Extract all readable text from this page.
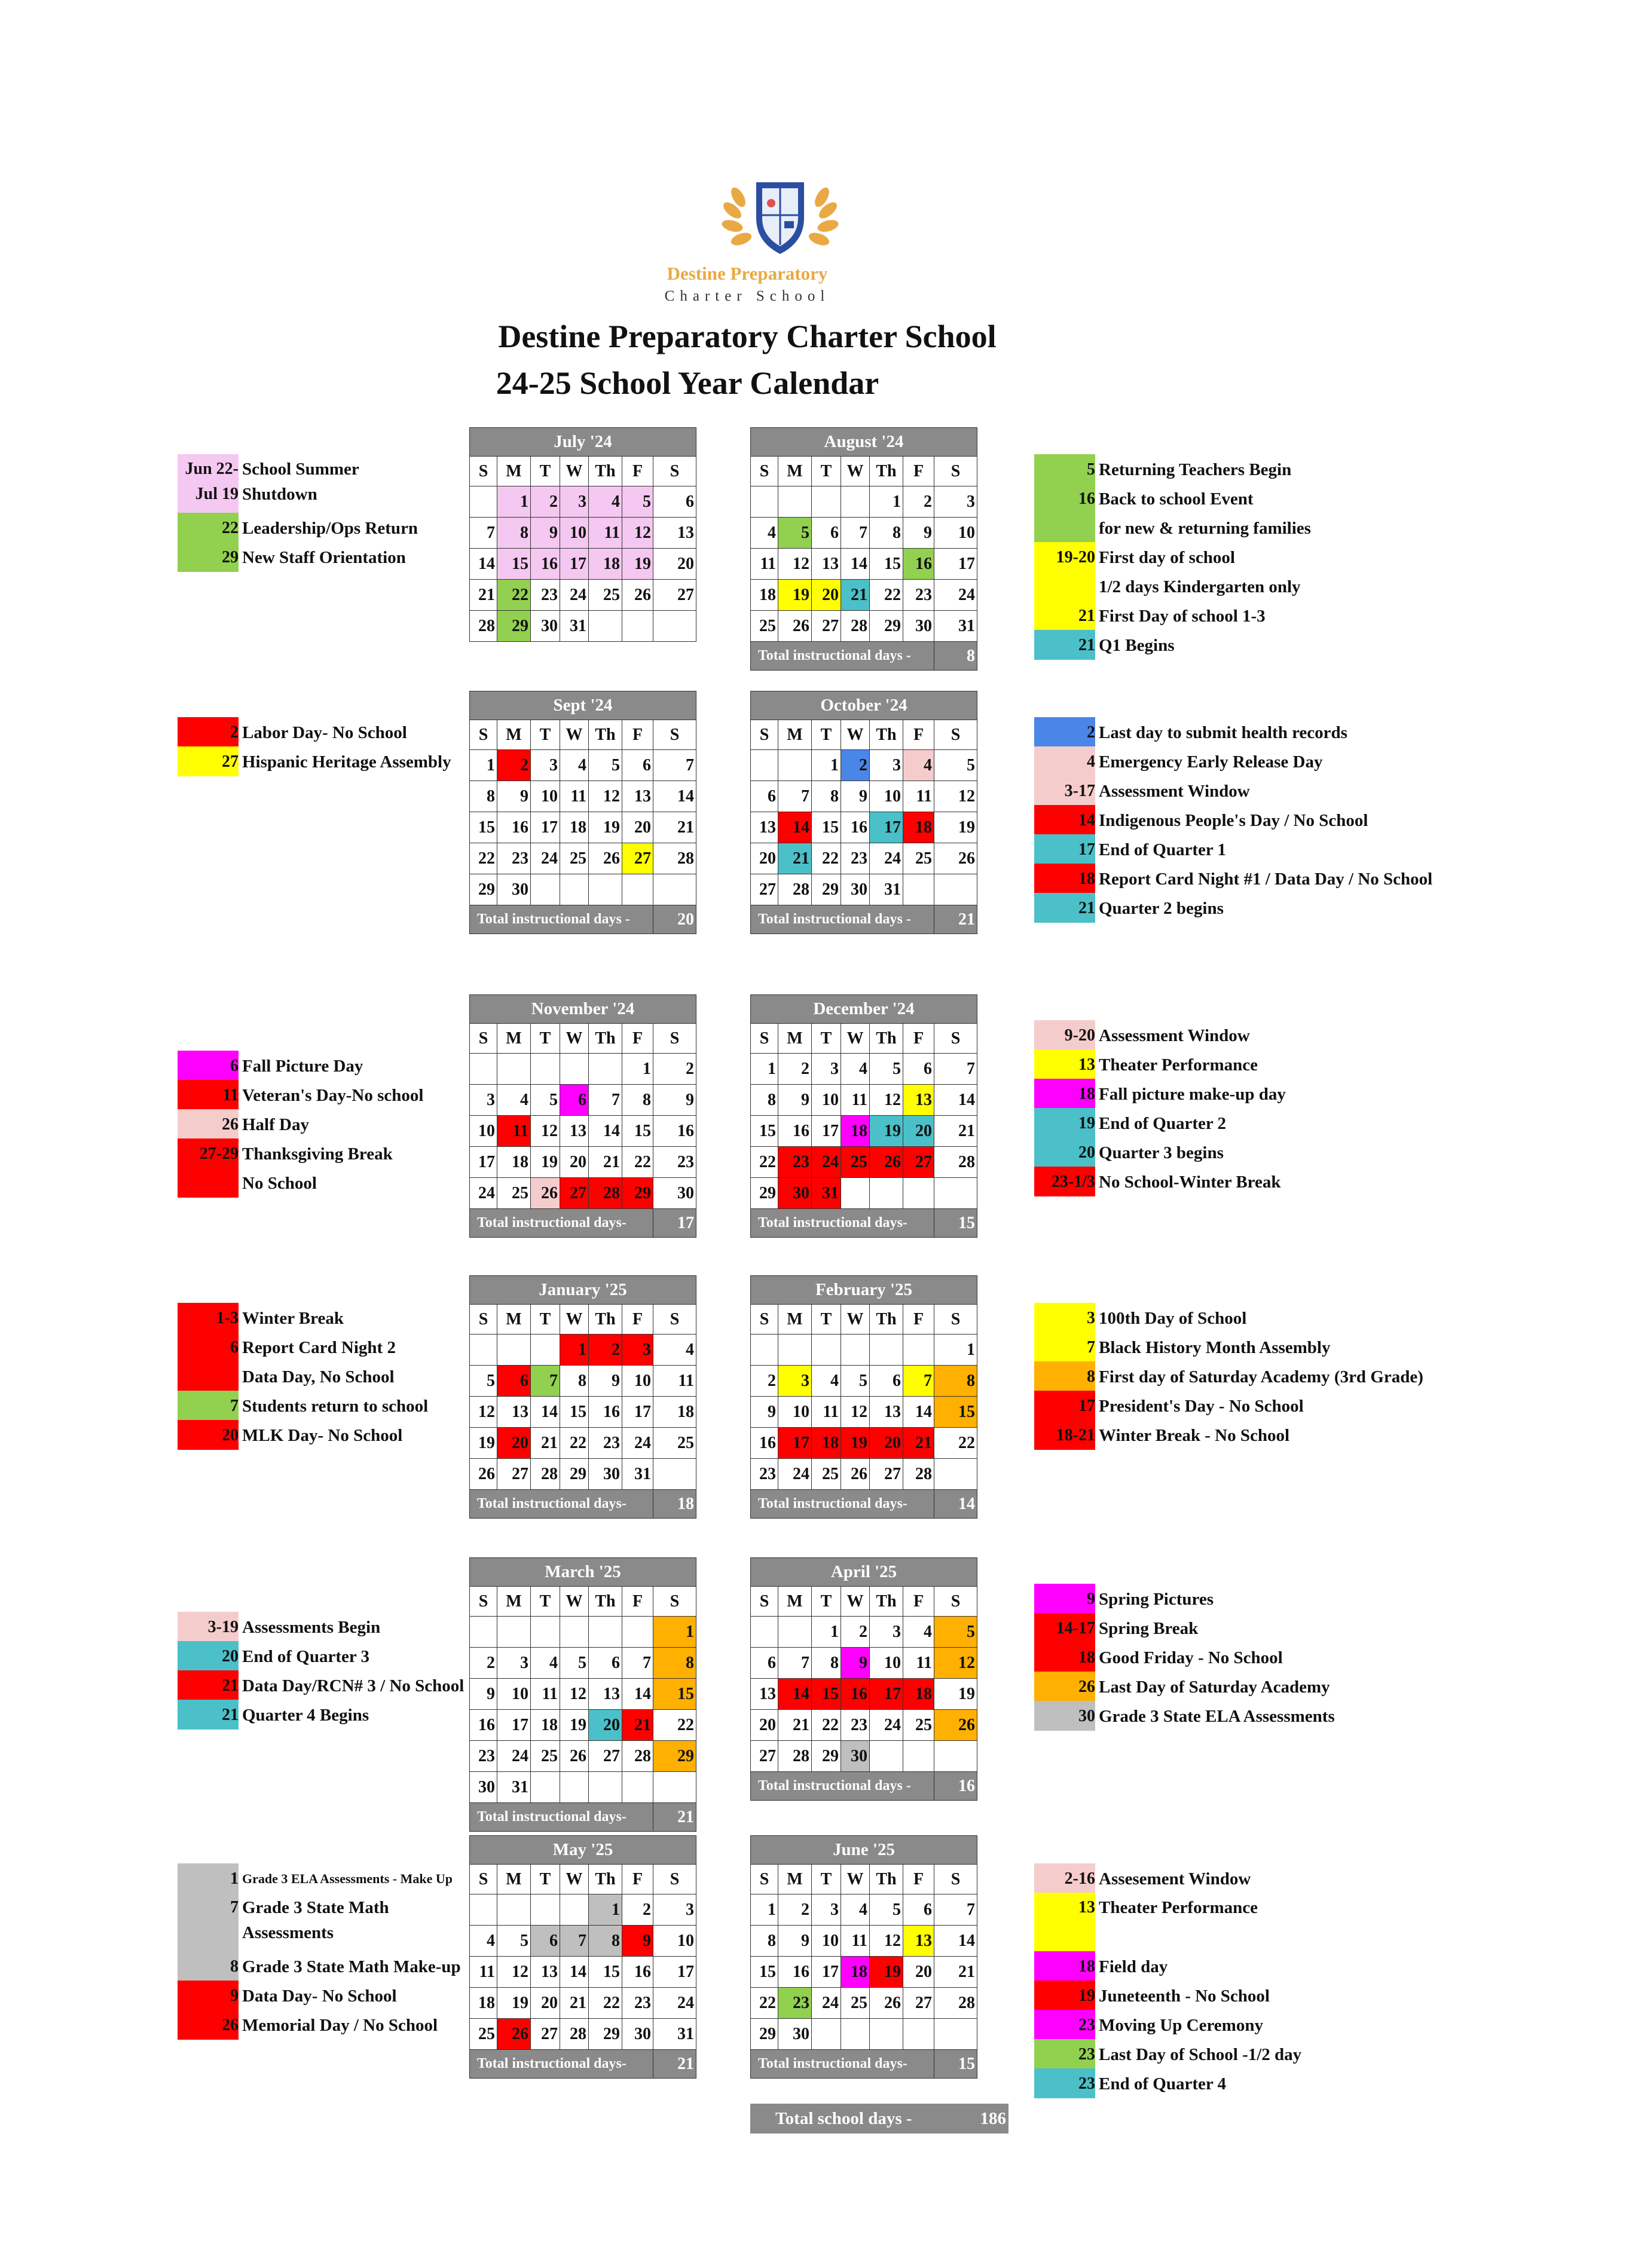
Destine Preparatory
Charter School
Destine Preparatory Charter School
24-25 School Year Calendar
July '24						
S	M	T	W	Th	F	S
	1	2	3	4	5	6
7	8	9	10	11	12	13
14	15	16	17	18	19	20
21	22	23	24	25	26	27
28	29	30	31			
August '24						
S	M	T	W	Th	F	S
				1	2	3
4	5	6	7	8	9	10
11	12	13	14	15	16	17
18	19	20	21	22	23	24
25	26	27	28	29	30	31
Total instructional days -						8
Sept '24						
S	M	T	W	Th	F	S
1	2	3	4	5	6	7
8	9	10	11	12	13	14
15	16	17	18	19	20	21
22	23	24	25	26	27	28
29	30					
Total instructional days -						20
October '24						
S	M	T	W	Th	F	S
		1	2	3	4	5
6	7	8	9	10	11	12
13	14	15	16	17	18	19
20	21	22	23	24	25	26
27	28	29	30	31		
Total instructional days -						21
November '24						
S	M	T	W	Th	F	S
					1	2
3	4	5	6	7	8	9
10	11	12	13	14	15	16
17	18	19	20	21	22	23
24	25	26	27	28	29	30
Total instructional days-						17
December '24						
S	M	T	W	Th	F	S
1	2	3	4	5	6	7
8	9	10	11	12	13	14
15	16	17	18	19	20	21
22	23	24	25	26	27	28
29	30	31				
Total instructional days-						15
January '25						
S	M	T	W	Th	F	S
			1	2	3	4
5	6	7	8	9	10	11
12	13	14	15	16	17	18
19	20	21	22	23	24	25
26	27	28	29	30	31	
Total instructional days-						18
February '25						
S	M	T	W	Th	F	S
						1
2	3	4	5	6	7	8
9	10	11	12	13	14	15
16	17	18	19	20	21	22
23	24	25	26	27	28	
Total instructional days-						14
March '25						
S	M	T	W	Th	F	S
						1
2	3	4	5	6	7	8
9	10	11	12	13	14	15
16	17	18	19	20	21	22
23	24	25	26	27	28	29
30	31					
Total instructional days-						21
April '25						
S	M	T	W	Th	F	S
		1	2	3	4	5
6	7	8	9	10	11	12
13	14	15	16	17	18	19
20	21	22	23	24	25	26
27	28	29	30			
Total instructional days -						16
May '25						
S	M	T	W	Th	F	S
				1	2	3
4	5	6	7	8	9	10
11	12	13	14	15	16	17
18	19	20	21	22	23	24
25	26	27	28	29	30	31
Total instructional days-						21
June '25						
S	M	T	W	Th	F	S
1	2	3	4	5	6	7
8	9	10	11	12	13	14
15	16	17	18	19	20	21
22	23	24	25	26	27	28
29	30					
Total instructional days-						15
Jun 22-
Jul 19
School Summer
Shutdown
22 Leadership/Ops Return
29 New Staff Orientation
5 Returning Teachers Begin
16 Back to school Event
for new & returning families
19-20 First day of school
1/2 days Kindergarten only
21 First Day of school 1-3
21 Q1 Begins
2 Labor Day- No School
27 Hispanic Heritage Assembly
2 Last day to submit health records
4 Emergency Early Release Day
3-17 Assessment Window
14 Indigenous People's Day / No School
17 End of Quarter 1
18 Report Card Night #1 / Data Day / No School
21 Quarter 2 begins
6 Fall Picture Day
11 Veteran's Day-No school
26 Half Day
27-29 Thanksgiving Break
No School
9-20 Assessment Window
13 Theater Performance
18 Fall picture make-up day
19 End of Quarter 2
20 Quarter 3 begins
23-1/3 No School-Winter Break
1-3 Winter Break
6 Report Card Night 2
Data Day, No School
7 Students return to school
20 MLK Day- No School
3 100th Day of School
7 Black History Month Assembly
8 First day of Saturday Academy (3rd Grade)
17 President's Day - No School
18-21 Winter Break - No School
3-19 Assessments Begin
20 End of Quarter 3
21 Data Day/RCN# 3 / No School
21 Quarter 4 Begins
9 Spring Pictures
14-17 Spring Break
18 Good Friday - No School
26 Last Day of Saturday Academy
30 Grade 3 State ELA Assessments
1 Grade 3 ELA Assessments - Make Up
7 Grade 3 State Math
Assessments
8 Grade 3 State Math Make-up
9 Data Day- No School
26 Memorial Day / No School
2-16 Assesement Window
13 Theater Performance
18 Field day
19 Juneteenth - No School
23 Moving Up Ceremony
23 Last Day of School -1/2 day
23 End of Quarter 4
Total school days -	186
